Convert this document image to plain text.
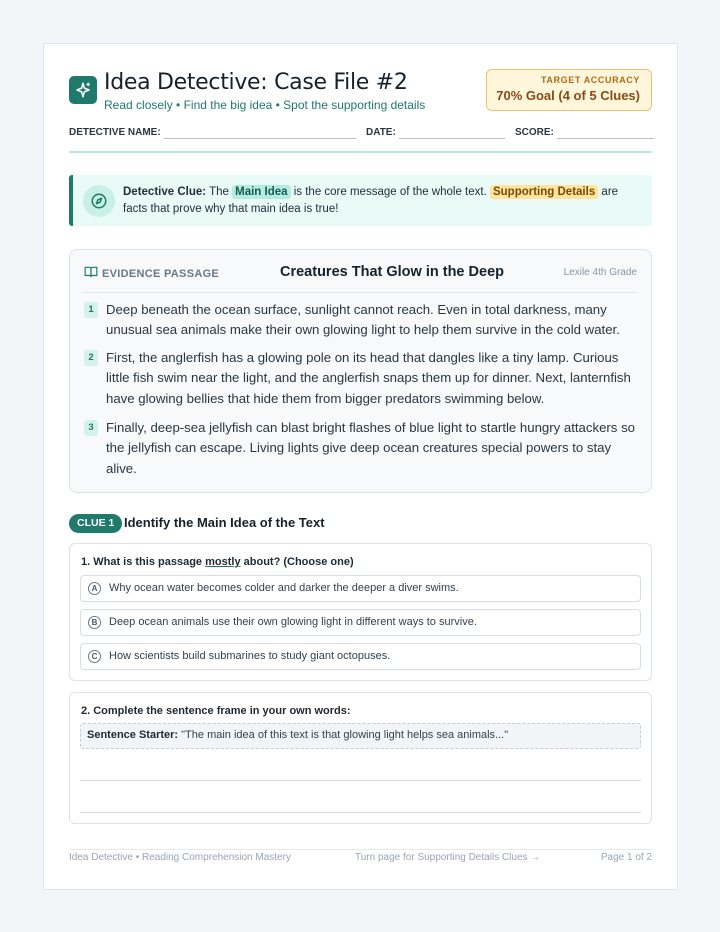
Idea Detective: Case File #2
Read closely • Find the big idea • Spot the supporting details
TARGET ACCURACY
70% Goal (4 of 5 Clues)
DETECTIVE NAME:	DATE:	SCORE:
Detective Clue: The Main Idea is the core message of the whole text. Supporting Details are facts that prove why that main idea is true!
EVIDENCE PASSAGE	Creatures That Glow in the Deep	Lexile 4th Grade
1 Deep beneath the ocean surface, sunlight cannot reach. Even in total darkness, many unusual sea animals make their own glowing light to help them survive in the cold water.
2 First, the anglerfish has a glowing pole on its head that dangles like a tiny lamp. Curious little fish swim near the light, and the anglerfish snaps them up for dinner. Next, lanternfish have glowing bellies that hide them from bigger predators swimming below.
3 Finally, deep-sea jellyfish can blast bright flashes of blue light to startle hungry attackers so the jellyfish can escape. Living lights give deep ocean creatures special powers to stay alive.
CLUE 1 Identify the Main Idea of the Text
1. What is this passage mostly about? (Choose one)
A	Why ocean water becomes colder and darker the deeper a diver swims.
B	Deep ocean animals use their own glowing light in different ways to survive.
C	How scientists build submarines to study giant octopuses.
2. Complete the sentence frame in your own words:
Sentence Starter: "The main idea of this text is that glowing light helps sea animals..."
Idea Detective • Reading Comprehension Mastery	Turn page for Supporting Details Clues →	Page 1 of 2
